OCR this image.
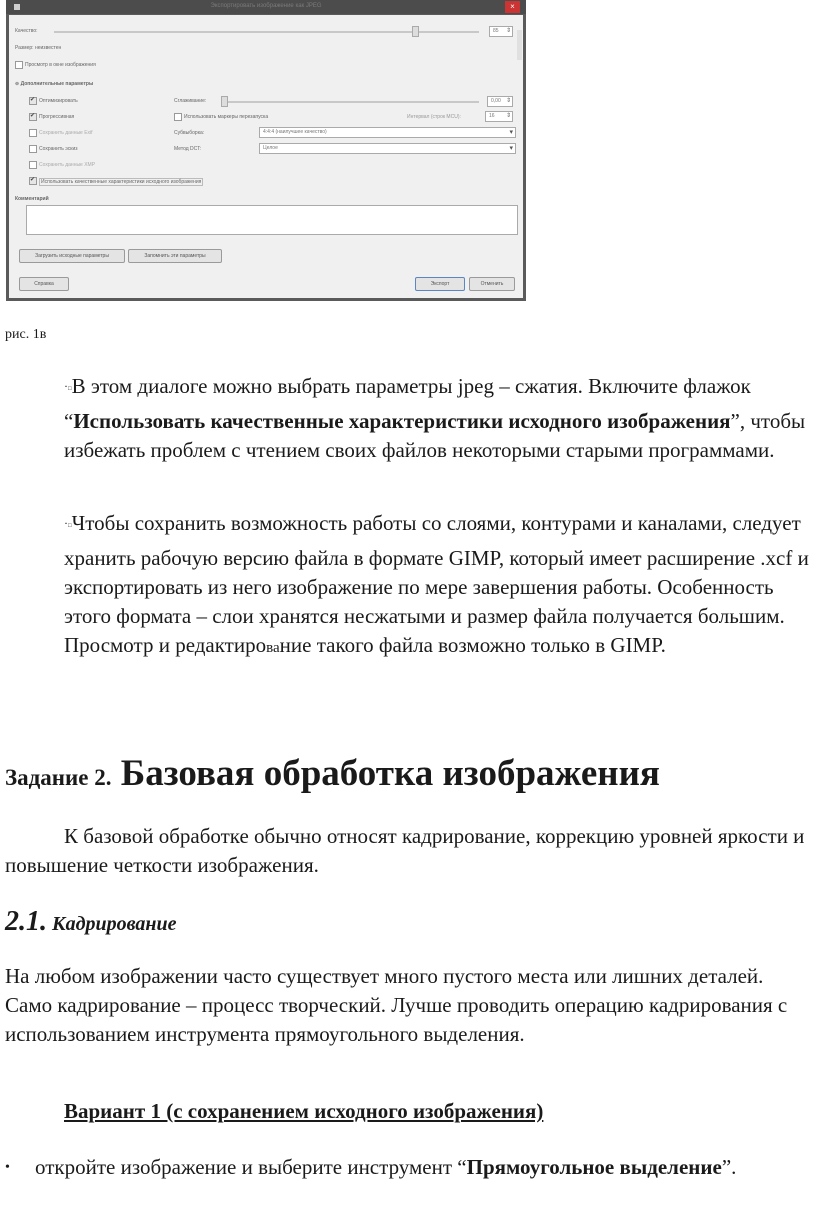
Экспортировать изображение как JPEG	×
Качество:	85
⇕
Размер: неизвестен
Просмотр в окне изображения
⊖ Дополнительные параметры
✔
Оптимизировать
✔
Прогрессивная
Сохранить данные Exif
Сохранить эскиз
Сохранить данные XMP
✔
Использовать качественные характеристики исходного изображения
Сглаживание:	0,00
⇕
Использовать маркеры перезапуска	Интервал (строк MCU):	16
⇕
Субвыборка:	4:4:4 (наилучшее качество)
▾
Метод DCT:	Целое
▾
Комментарий
Загрузить исходные параметры	Запомнить эти параметры
Справка	Экспорт	Отменить
рис. 1в

·□В этом диалоге можно выбрать параметры jpeg – сжатия. Включите флажок “Использовать качественные характеристики исходного изображения”, чтобы избежать проблем с чтением своих файлов некоторыми старыми программами.

·□Чтобы сохранить возможность работы со слоями, контурами и каналами, следует хранить рабочую версию файла в формате GIMP, который имеет расширение .xcf и экспортировать из него изображение по мере завершения работы. Особенность этого формата – слои хранятся несжатыми и размер файла получается большим. Просмотр и редактирование такого файла возможно только в GIMP.

Задание 2. Базовая обработка изображения

К базовой обработке обычно относят кадрирование, коррекцию уровней яркости и повышение четкости изображения.

2.1. Кадрирование

На любом изображении часто существует много пустого места или лишних деталей. Само кадрирование – процесс творческий. Лучше проводить операцию кадрирования с использованием инструмента прямоугольного выделения.

Вариант 1 (с сохранением исходного изображения)
• откройте изображение и выберите инструмент “Прямоугольное выделение”.
